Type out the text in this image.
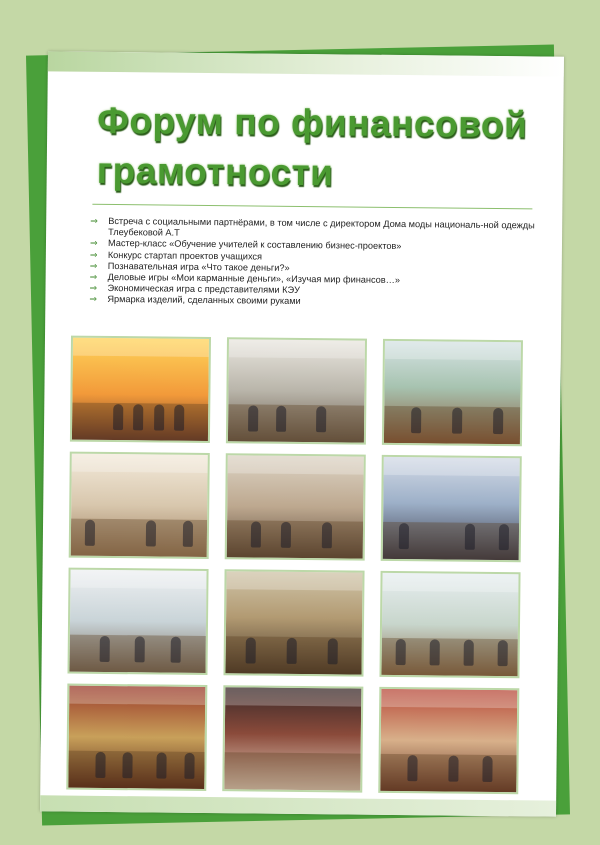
Форум по финансовой грамотности
⇒ Встреча с социальными партнёрами, в том числе с директором Дома моды националь-ной одежды Тлеубековой А.Т
⇒ Мастер-класс «Обучение учителей к составлению бизнес-проектов»
⇒ Конкурс стартап проектов учащихся
⇒ Познавательная игра «Что такое деньги?»
⇒ Деловые игры «Мои карманные деньги», «Изучая мир финансов…»
⇒ Экономическая игра с представителями КЭУ
⇒ Ярмарка изделий, сделанных своими руками
